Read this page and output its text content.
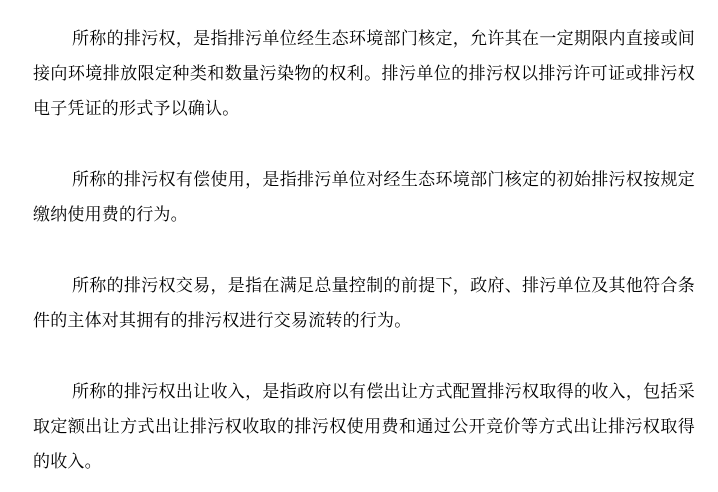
所称的排污权，是指排污单位经生态环境部门核定，允许其在一定期限内直接或间接向环境排放限定种类和数量污染物的权利。排污单位的排污权以排污许可证或排污权电子凭证的形式予以确认。

所称的排污权有偿使用，是指排污单位对经生态环境部门核定的初始排污权按规定缴纳使用费的行为。

所称的排污权交易，是指在满足总量控制的前提下，政府、排污单位及其他符合条件的主体对其拥有的排污权进行交易流转的行为。

所称的排污权出让收入，是指政府以有偿出让方式配置排污权取得的收入，包括采取定额出让方式出让排污权收取的排污权使用费和通过公开竞价等方式出让排污权取得的收入。
